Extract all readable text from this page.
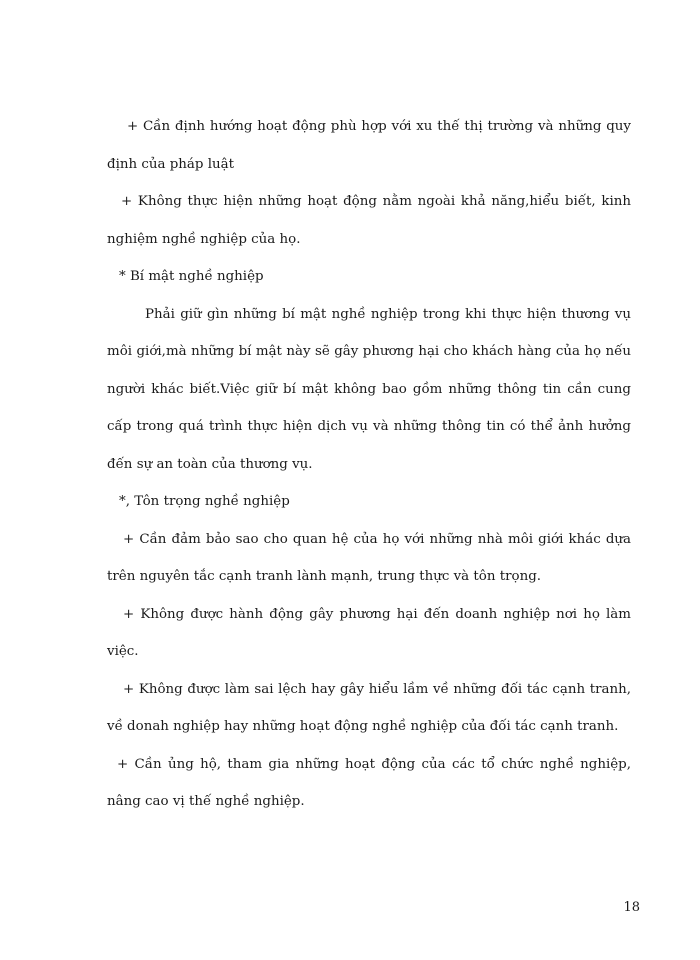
+ Cần định hướng hoạt động phù hợp với xu thế thị trường và những quy định của pháp luật

+ Không thực hiện những hoạt động nằm ngoài khả năng,hiểu biết, kinh nghiệm nghề nghiệp của họ.

* Bí mật nghề nghiệp

Phải giữ gìn những bí mật nghề nghiệp trong khi thực hiện thương vụ môi giới,mà những bí mật này sẽ gây phương hại cho khách hàng của họ nếu người khác biết.Việc giữ bí mật không bao gồm những thông tin cần cung cấp trong quá trình thực hiện dịch vụ và những thông tin có thể ảnh hưởng đến sự an toàn của thương vụ.

*, Tôn trọng nghề nghiệp

+ Cần đảm bảo sao cho quan hệ của họ với những nhà môi giới khác dựa trên nguyên tắc cạnh tranh lành mạnh, trung thực và tôn trọng.

+ Không được hành động gây phương hại đến doanh nghiệp nơi họ làm việc.

+ Không được làm sai lệch hay gây hiểu lầm về những đối tác cạnh tranh, về donah nghiệp hay những hoạt động nghề nghiệp của đối tác cạnh tranh.

+ Cần ủng hộ, tham gia những hoạt động của các tổ chức nghề nghiệp, nâng cao vị thế nghề nghiệp.

18
